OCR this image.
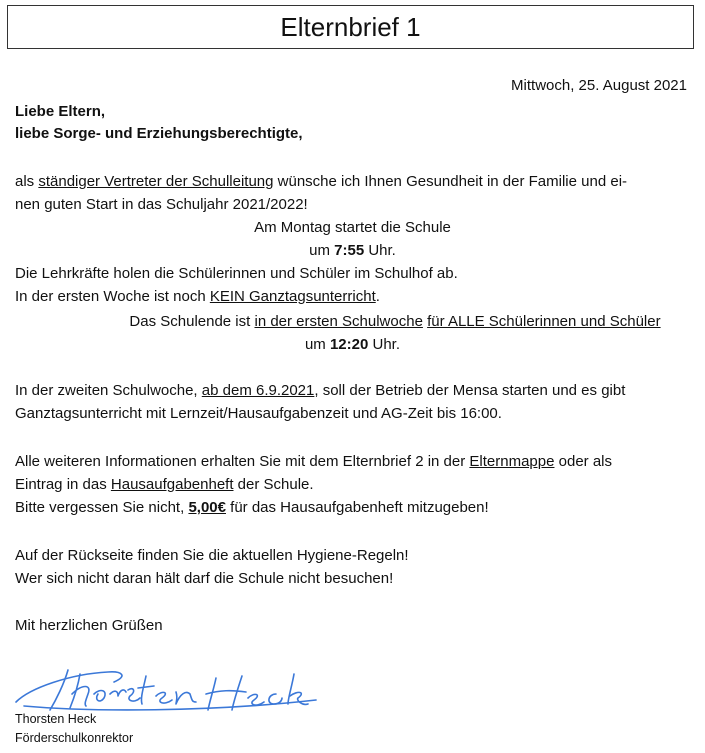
Elternbrief 1
Mittwoch, 25. August 2021
Liebe Eltern,
liebe Sorge- und Erziehungsberechtigte,
als ständiger Vertreter der Schulleitung wünsche ich Ihnen Gesundheit in der Familie und ei-
nen guten Start in das Schuljahr 2021/2022!
Am Montag startet die Schule
um 7:55 Uhr.
Die Lehrkräfte holen die Schülerinnen und Schüler im Schulhof ab.
In der ersten Woche ist noch KEIN Ganztagsunterricht.
Das Schulende ist in der ersten Schulwoche für ALLE Schülerinnen und Schüler
um 12:20 Uhr.
In der zweiten Schulwoche, ab dem 6.9.2021, soll der Betrieb der Mensa starten und es gibt
Ganztagsunterricht mit Lernzeit/Hausaufgabenzeit und AG-Zeit bis 16:00.
Alle weiteren Informationen erhalten Sie mit dem Elternbrief 2 in der Elternmappe oder als
Eintrag in das Hausaufgabenheft der Schule.
Bitte vergessen Sie nicht, 5,00€ für das Hausaufgabenheft mitzugeben!
Auf der Rückseite finden Sie die aktuellen Hygiene-Regeln!
Wer sich nicht daran hält darf die Schule nicht besuchen!
Mit herzlichen Grüßen
Thorsten Heck
Förderschulkonrektor
